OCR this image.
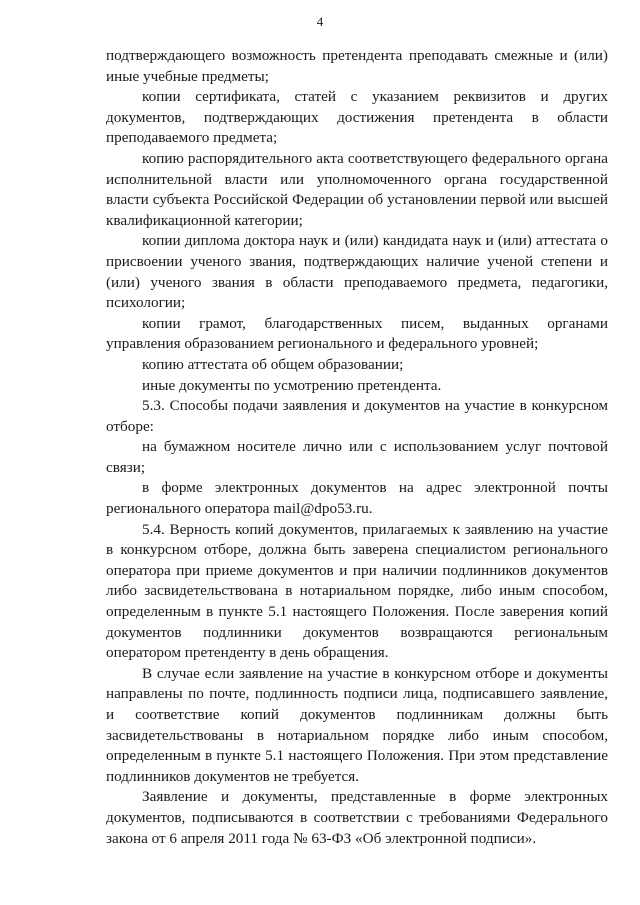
4

подтверждающего возможность претендента преподавать смежные и (или) иные учебные предметы;

копии сертификата, статей с указанием реквизитов и других документов, подтверждающих достижения претендента в области преподаваемого предмета;

копию распорядительного акта соответствующего федерального органа исполнительной власти или уполномоченного органа государственной власти субъекта Российской Федерации об установлении первой или высшей квалификационной категории;

копии диплома доктора наук и (или) кандидата наук и (или) аттестата о присвоении ученого звания, подтверждающих наличие ученой степени и (или) ученого звания в области преподаваемого предмета, педагогики, психологии;

копии грамот, благодарственных писем, выданных органами управления образованием регионального и федерального уровней;

копию аттестата об общем образовании;

иные документы по усмотрению претендента.

5.3. Способы подачи заявления и документов на участие в конкурсном отборе:

на бумажном носителе лично или с использованием услуг почтовой связи;

в форме электронных документов на адрес электронной почты регионального оператора mail@dpo53.ru.

5.4. Верность копий документов, прилагаемых к заявлению на участие в конкурсном отборе, должна быть заверена специалистом регионального оператора при приеме документов и при наличии подлинников документов либо засвидетельствована в нотариальном порядке, либо иным способом, определенным в пункте 5.1 настоящего Положения. После заверения копий документов подлинники документов возвращаются региональным оператором претенденту в день обращения.

В случае если заявление на участие в конкурсном отборе и документы направлены по почте, подлинность подписи лица, подписавшего заявление, и соответствие копий документов подлинникам должны быть засвидетельствованы в нотариальном порядке либо иным способом, определенным в пункте 5.1 настоящего Положения. При этом представление подлинников документов не требуется.

Заявление и документы, представленные в форме электронных документов, подписываются в соответствии с требованиями Федерального закона от 6 апреля 2011 года № 63-ФЗ «Об электронной подписи».
